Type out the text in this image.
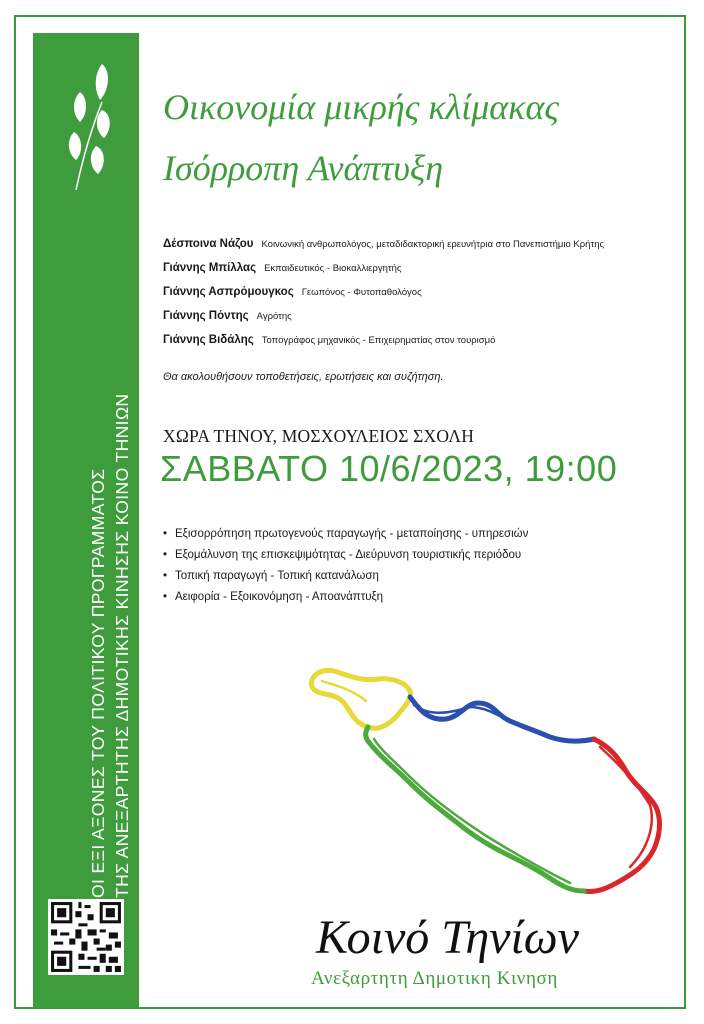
ΟΙ ΕΞΙ ΑΞΟΝΕΣ ΤΟΥ ΠΟΛΙΤΙΚΟΥ ΠΡΟΓΡΑΜΜΑΤΟΣ ΤΗΣ ΑΝΕΞΑΡΤΗΤΗΣ ΔΗΜΟΤΙΚΗΣ ΚΙΝΗΣΗΣ ΚΟΙΝΟ ΤΗΝΙΩΝ
Οικονομία μικρής κλίμακας
Ισόρροπη Ανάπτυξη
Δέσποινα Νάζου Κοινωνική ανθρωπολόγος, μεταδιδακτορική ερευνήτρια στο Πανεπιστήμιο Κρήτης
Γιάννης Μπίλλας Εκπαιδευτικός - Βιοκαλλιεργητής
Γιάννης Ασπρόμουγκος Γεωπόνος - Φυτοπαθολόγος
Γιάννης Πόντης Αγρότης
Γιάννης Βιδάλης Τοπογράφος μηχανικός - Επιχειρηματίας στον τουρισμό
Θα ακολουθήσουν τοποθετήσεις, ερωτήσεις και συζήτηση.
ΧΩΡΑ ΤΗΝΟΥ, ΜΟΣΧΟΥΛΕΙΟΣ ΣΧΟΛΗ
ΣΑΒΒΑΤΟ 10/6/2023, 19:00
• Εξισορρόπηση πρωτογενούς παραγωγής - μεταποίησης - υπηρεσιών
• Εξομάλυνση της επισκεψιμότητας - Διεύρυνση τουριστικής περιόδου
• Τοπική παραγωγή - Τοπική κατανάλωση
• Αειφορία - Εξοικονόμηση - Αποανάπτυξη
Κοινό Τηνίων
Ανεξαρτητη Δημοτικη Κινηση
